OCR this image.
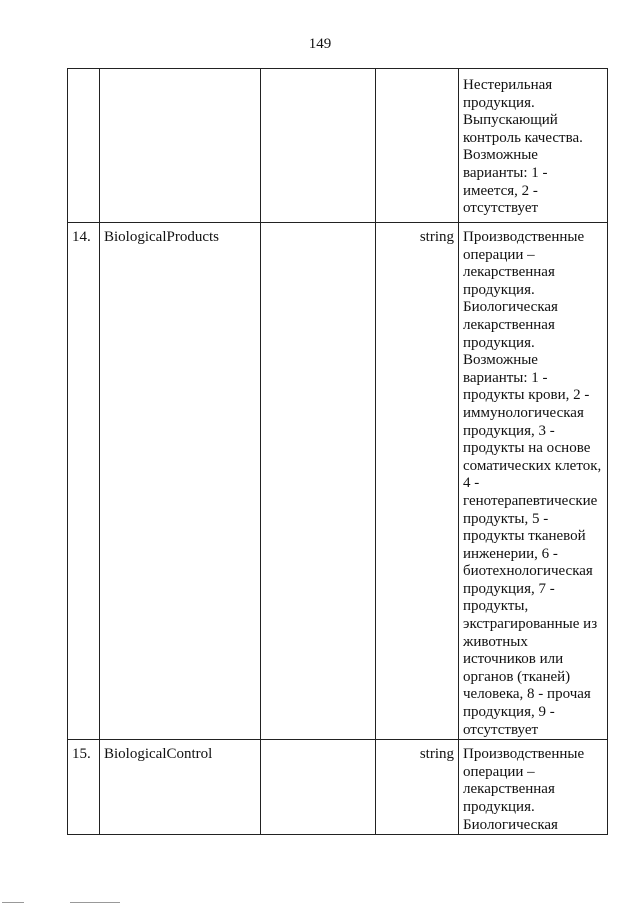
149

				Нестерильная продукция. Выпускающий контроль качества. Возможные варианты: 1 - имеется, 2 - отсутствует

14.	BiologicalProducts		string	Производственные операции – лекарственная продукция. Биологическая лекарственная продукция. Возможные варианты: 1 - продукты крови, 2 - иммунологическая продукция, 3 - продукты на основе соматических клеток, 4 - генотерапевтические продукты, 5 - продукты тканевой инженерии, 6 - биотехнологическая продукция, 7 - продукты, экстрагированные из животных источников или органов (тканей) человека, 8 - прочая продукция, 9 - отсутствует

15.	BiologicalControl		string	Производственные операции – лекарственная продукция. Биологическая
